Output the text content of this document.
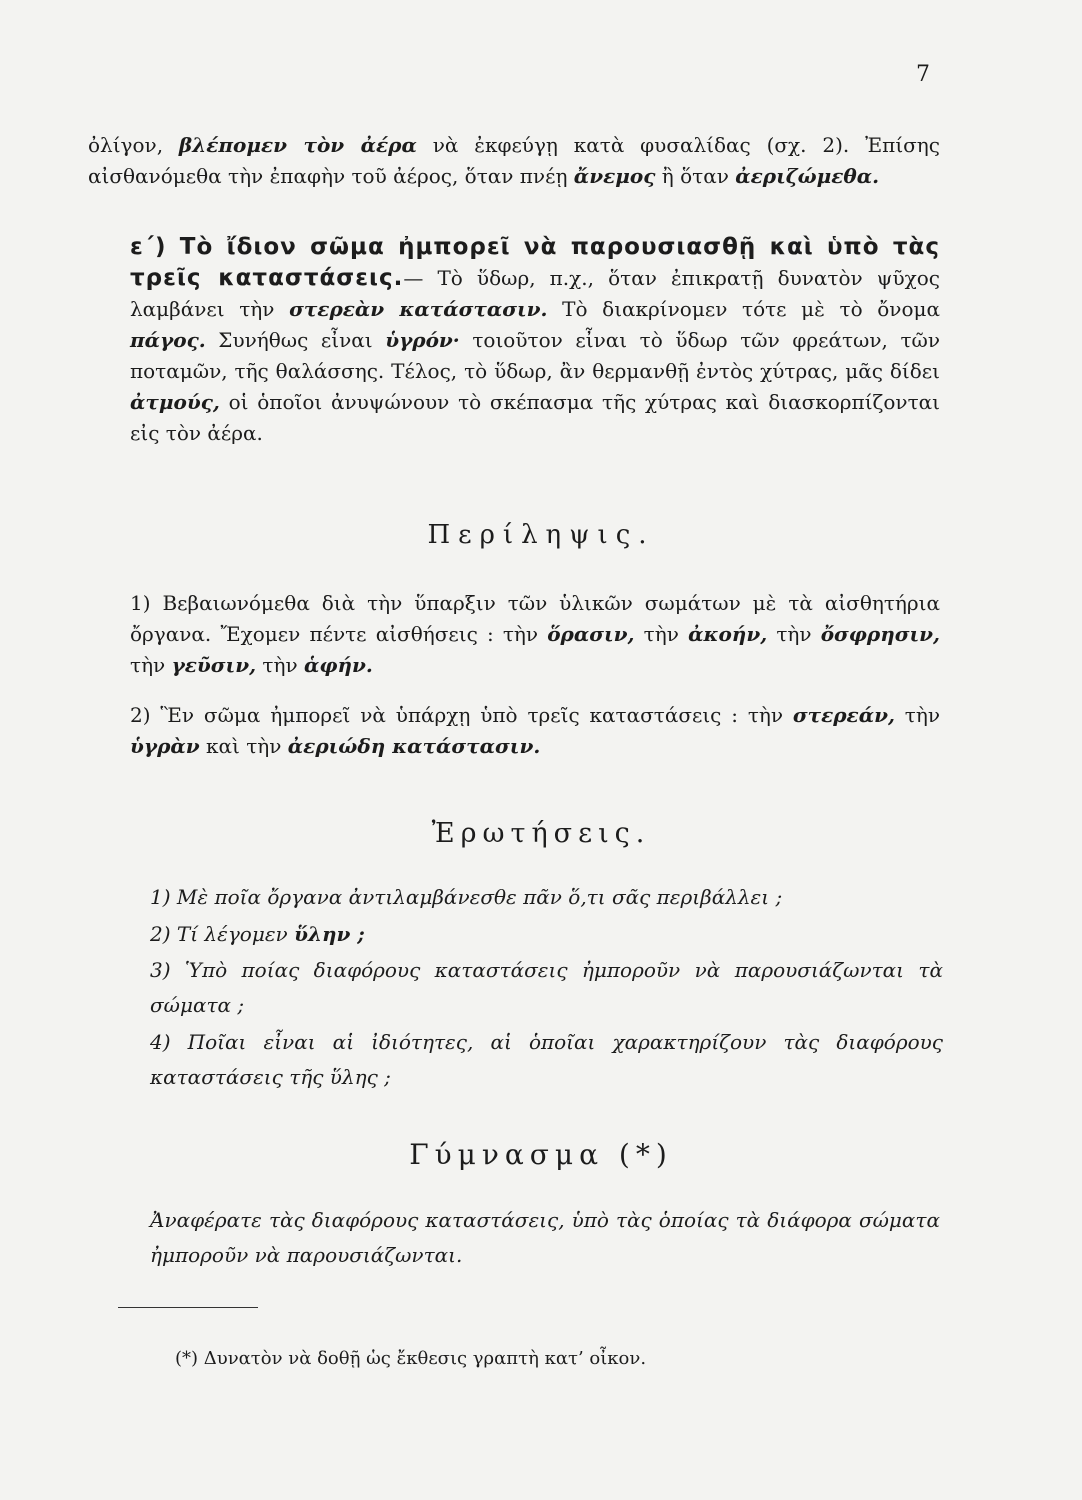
7
ὀλίγον, βλέπομεν τὸν ἀέρα νὰ ἐκφεύγῃ κατὰ φυσαλίδας (σχ. 2). Ἐπίσης αἰσθανόμεθα τὴν ἐπαφὴν τοῦ ἀέρος, ὅταν πνέῃ ἄνεμος ἢ ὅταν ἀεριζώμεθα.
ε΄) Τὸ ἴδιον σῶμα ἠμπορεῖ νὰ παρουσιασθῇ καὶ ὑπὸ τὰς τρεῖς καταστάσεις.— Τὸ ὕδωρ, π.χ., ὅταν ἐπικρατῇ δυνατὸν ψῦχος λαμβάνει τὴν στερεὰν κατάστασιν. Τὸ διακρίνομεν τότε μὲ τὸ ὄνομα πάγος. Συνήθως εἶναι ὑγρόν· τοιοῦτον εἶναι τὸ ὕδωρ τῶν φρεάτων, τῶν ποταμῶν, τῆς θαλάσσης. Τέλος, τὸ ὕδωρ, ἂν θερμανθῇ ἐντὸς χύτρας, μᾶς δίδει ἀτμούς, οἱ ὁποῖοι ἀνυψώνουν τὸ σκέπασμα τῆς χύτρας καὶ διασκορπίζονται εἰς τὸν ἀέρα.
Περίληψις.
1) Βεβαιωνόμεθα διὰ τὴν ὕπαρξιν τῶν ὑλικῶν σωμάτων μὲ τὰ αἰσθητήρια ὄργανα. Ἔχομεν πέντε αἰσθήσεις : τὴν ὅρασιν, τὴν ἀκοήν, τὴν ὄσφρησιν, τὴν γεῦσιν, τὴν ἁφήν.
2) Ἓν σῶμα ἠμπορεῖ νὰ ὑπάρχῃ ὑπὸ τρεῖς καταστάσεις : τὴν στερεάν, τὴν ὑγρὰν καὶ τὴν ἀεριώδη κατάστασιν.
Ἐρωτήσεις.
1) Μὲ ποῖα ὄργανα ἀντιλαμβάνεσθε πᾶν ὅ,τι σᾶς περιβάλλει ;
2) Τί λέγομεν ὕλην ;
3) Ὑπὸ ποίας διαφόρους καταστάσεις ἠμποροῦν νὰ παρουσιάζωνται τὰ σώματα ;
4) Ποῖαι εἶναι αἱ ἰδιότητες, αἱ ὁποῖαι χαρακτηρίζουν τὰς διαφόρους καταστάσεις τῆς ὕλης ;
Γύμνασμα (*)
Ἀναφέρατε τὰς διαφόρους καταστάσεις, ὑπὸ τὰς ὁποίας τὰ διάφορα σώματα ἠμποροῦν νὰ παρουσιάζωνται.
(*) Δυνατὸν νὰ δοθῇ ὡς ἔκθεσις γραπτὴ κατ’ οἶκον.
